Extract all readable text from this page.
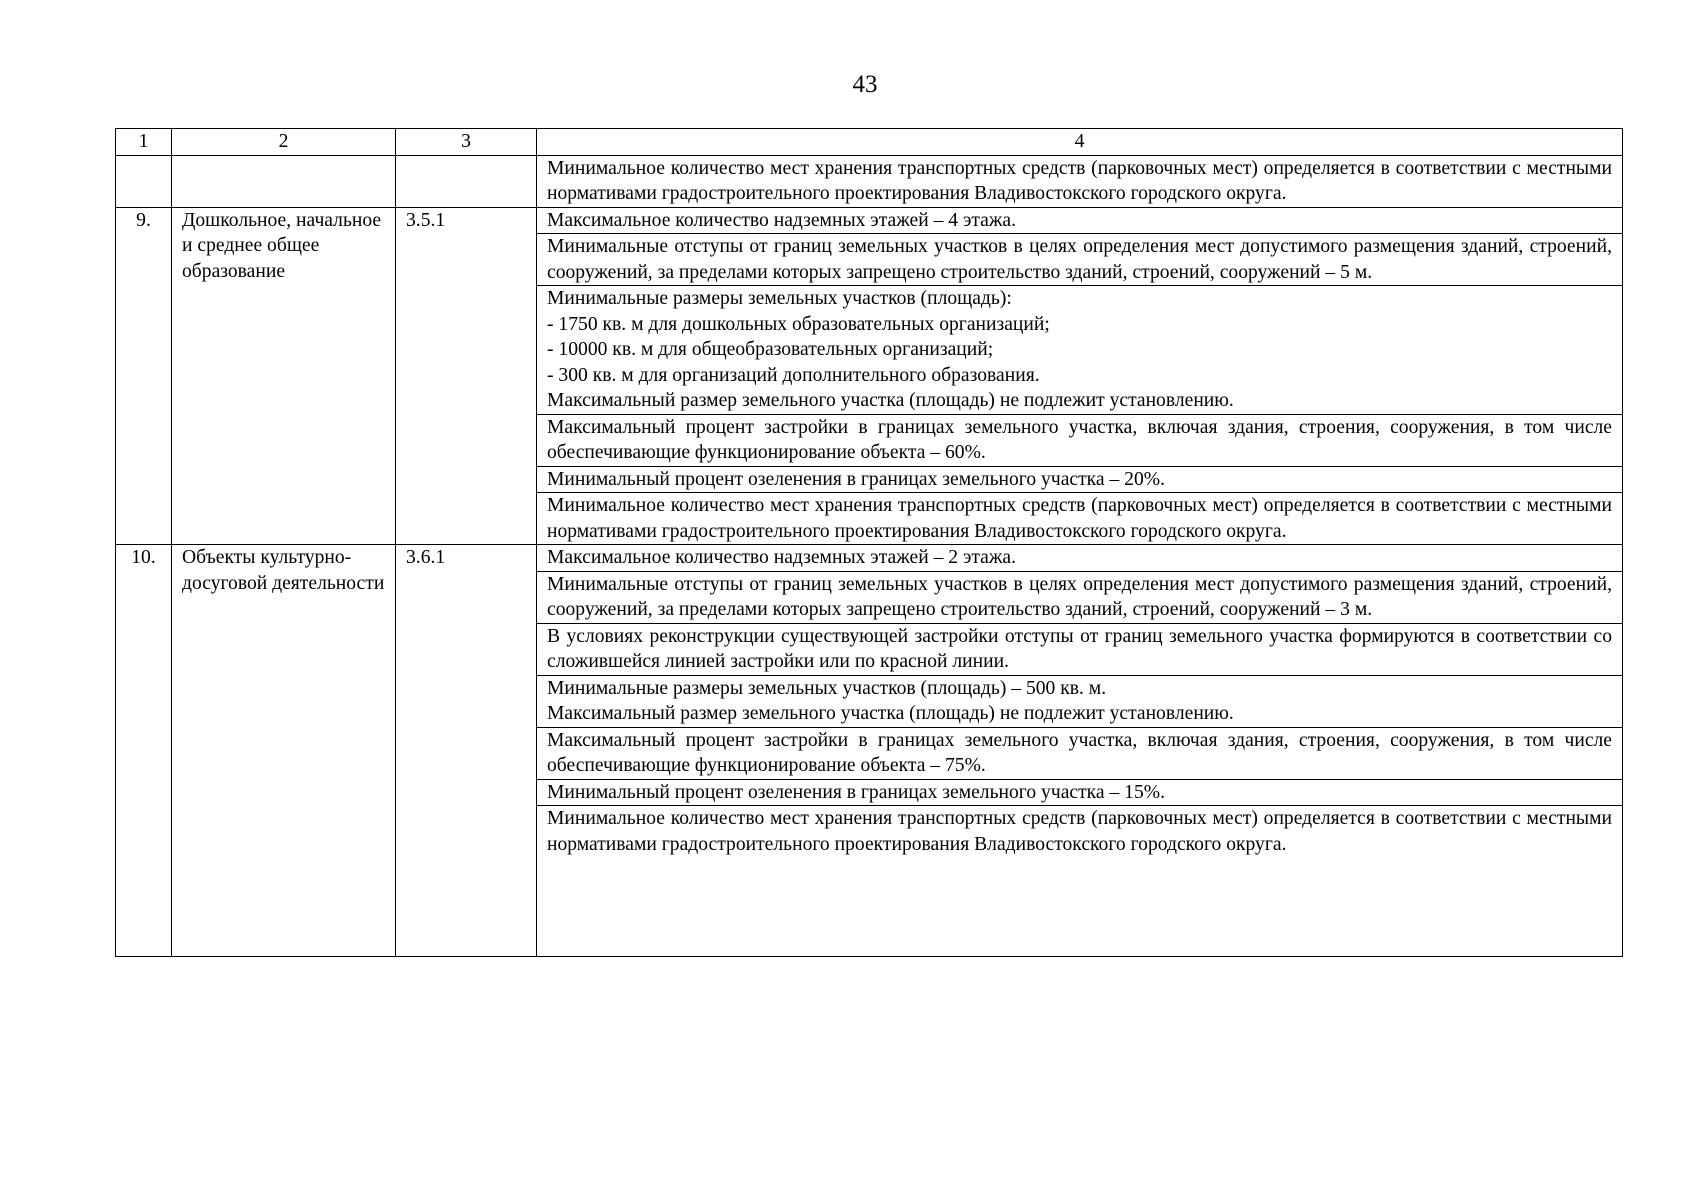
43
1	2	3	4

			Минимальное количество мест хранения транспортных средств (парковочных мест) определяется в соответствии с местными нормативами градостроительного проектирования Владивостокского городского округа.

9.	Дошкольное, начальное и среднее общее образование	3.5.1	Максимальное количество надземных этажей – 4 этажа.

			Минимальные отступы от границ земельных участков в целях определения мест допустимого размещения зданий, строений, сооружений, за пределами которых запрещено строительство зданий, строений, сооружений – 5 м.

			Минимальные размеры земельных участков (площадь):
- 1750 кв. м для дошкольных образовательных организаций;
- 10000 кв. м для общеобразовательных организаций;
- 300 кв. м для организаций дополнительного образования.
Максимальный размер земельного участка (площадь) не подлежит установлению.

			Максимальный процент застройки в границах земельного участка, включая здания, строения, сооружения, в том числе обеспечивающие функционирование объекта – 60%.

			Минимальный процент озеленения в границах земельного участка – 20%.

			Минимальное количество мест хранения транспортных средств (парковочных мест) определяется в соответствии с местными нормативами градостроительного проектирования Владивостокского городского округа.

10.	Объекты культурно-досуговой деятельности	3.6.1	Максимальное количество надземных этажей – 2 этажа.

			Минимальные отступы от границ земельных участков в целях определения мест допустимого размещения зданий, строений, сооружений, за пределами которых запрещено строительство зданий, строений, сооружений – 3 м.

			В условиях реконструкции существующей застройки отступы от границ земельного участка формируются в соответствии со сложившейся линией застройки или по красной линии.

			Минимальные размеры земельных участков (площадь) – 500 кв. м.
Максимальный размер земельного участка (площадь) не подлежит установлению.

			Максимальный процент застройки в границах земельного участка, включая здания, строения, сооружения, в том числе обеспечивающие функционирование объекта – 75%.

			Минимальный процент озеленения в границах земельного участка – 15%.

			Минимальное количество мест хранения транспортных средств (парковочных мест) определяется в соответствии с местными нормативами градостроительного проектирования Владивостокского городского округа.
